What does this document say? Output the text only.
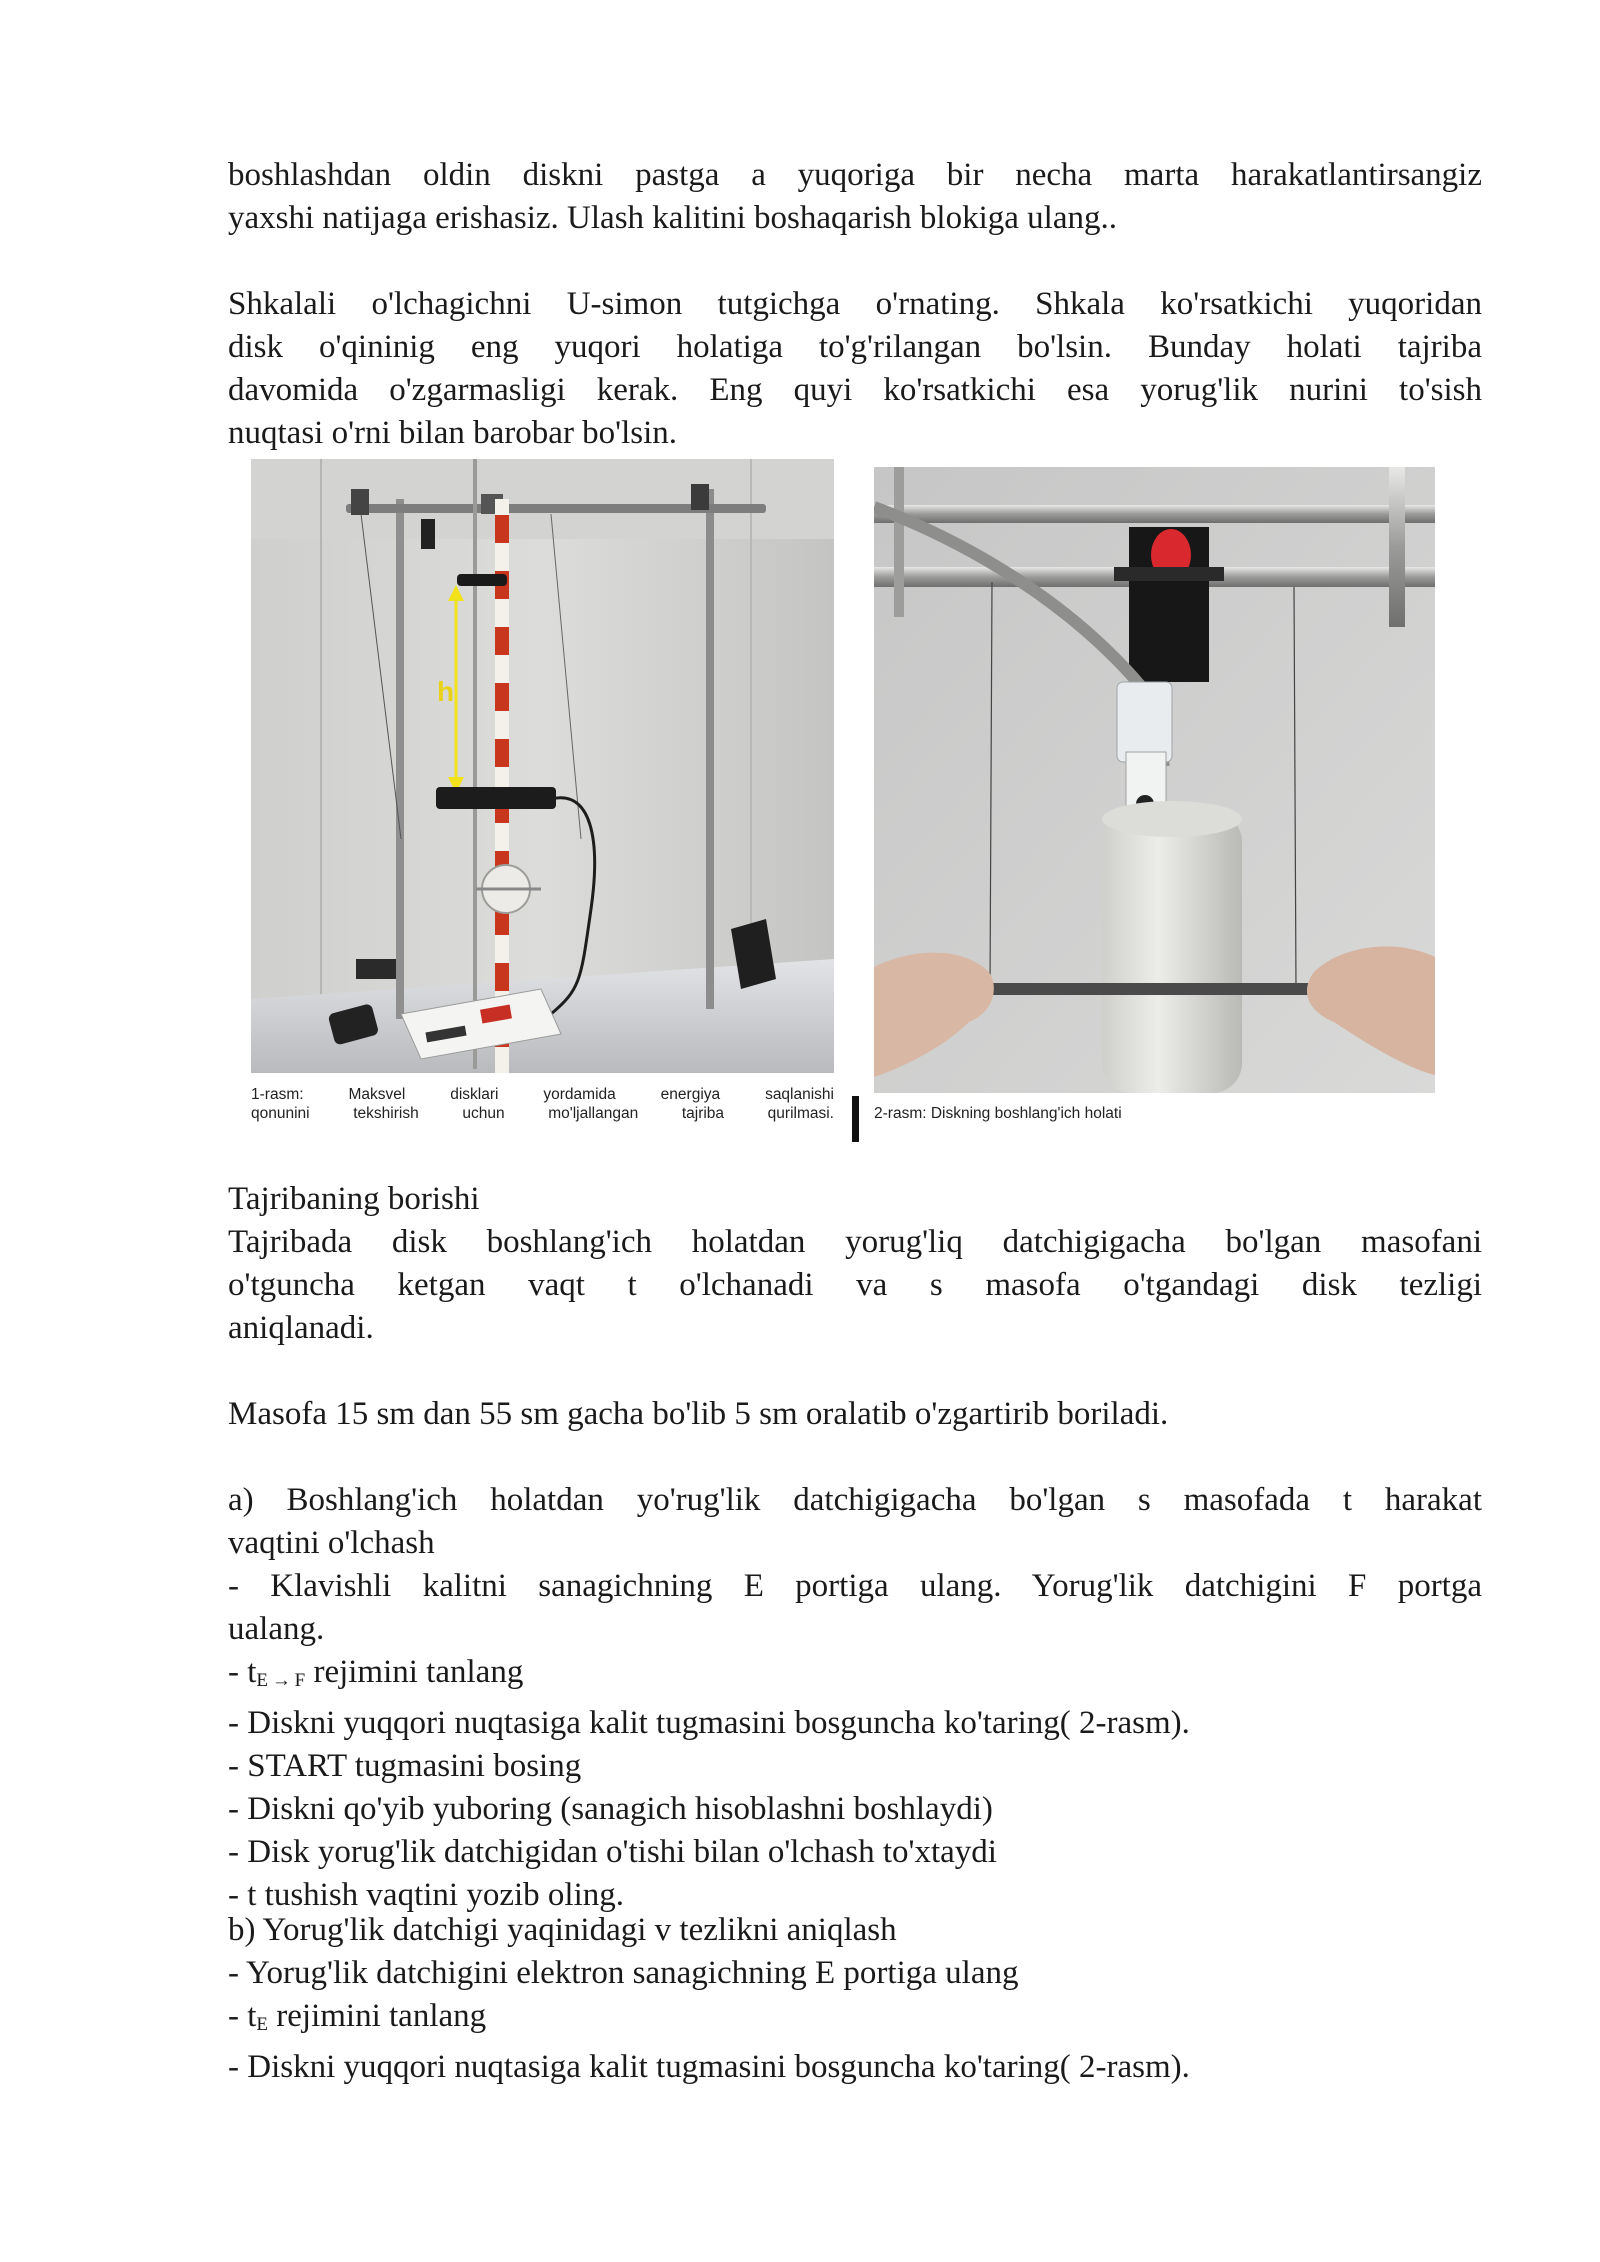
boshlashdan oldin diskni pastga a yuqoriga bir necha marta harakatlantirsangiz
yaxshi natijaga erishasiz. Ulash kalitini boshaqarish blokiga ulang..
Shkalali o'lchagichni U-simon tutgichga o'rnating. Shkala ko'rsatkichi yuqoridan
disk o'qininig eng yuqori holatiga to'g'rilangan bo'lsin. Bunday holati tajriba
davomida o'zgarmasligi kerak. Eng quyi ko'rsatkichi esa yorug'lik nurini to'sish
nuqtasi o'rni bilan barobar bo'lsin.
h
1-rasm: Maksvel disklari yordamida energiya saqlanishi
qonunini tekshirish uchun mo'ljallangan tajriba qurilmasi.	2-rasm: Diskning boshlang'ich holati
Tajribaning borishi
Tajribada disk boshlang'ich holatdan yorug'liq datchigigacha bo'lgan masofani
o'tguncha ketgan vaqt t o'lchanadi va s masofa o'tgandagi disk tezligi
aniqlanadi.
Masofa 15 sm dan 55 sm gacha bo'lib 5 sm oralatib o'zgartirib boriladi.
a) Boshlang'ich holatdan yo'rug'lik datchigigacha bo'lgan s masofada t harakat
vaqtini o'lchash
- Klavishli kalitni sanagichning E portiga ulang. Yorug'lik datchigini F portga
ualang.
- $t_{E \to F}$ rejimini tanlang
- Diskni yuqqori nuqtasiga kalit tugmasini bosguncha ko'taring( 2-rasm).
- START tugmasini bosing
- Diskni qo'yib yuboring (sanagich hisoblashni boshlaydi)
- Disk yorug'lik datchigidan o'tishi bilan o'lchash to'xtaydi
- t tushish vaqtini yozib oling.
b) Yorug'lik datchigi yaqinidagi v tezlikni aniqlash
- Yorug'lik datchigini elektron sanagichning E portiga ulang
- $t_E$ rejimini tanlang
- Diskni yuqqori nuqtasiga kalit tugmasini bosguncha ko'taring( 2-rasm).
